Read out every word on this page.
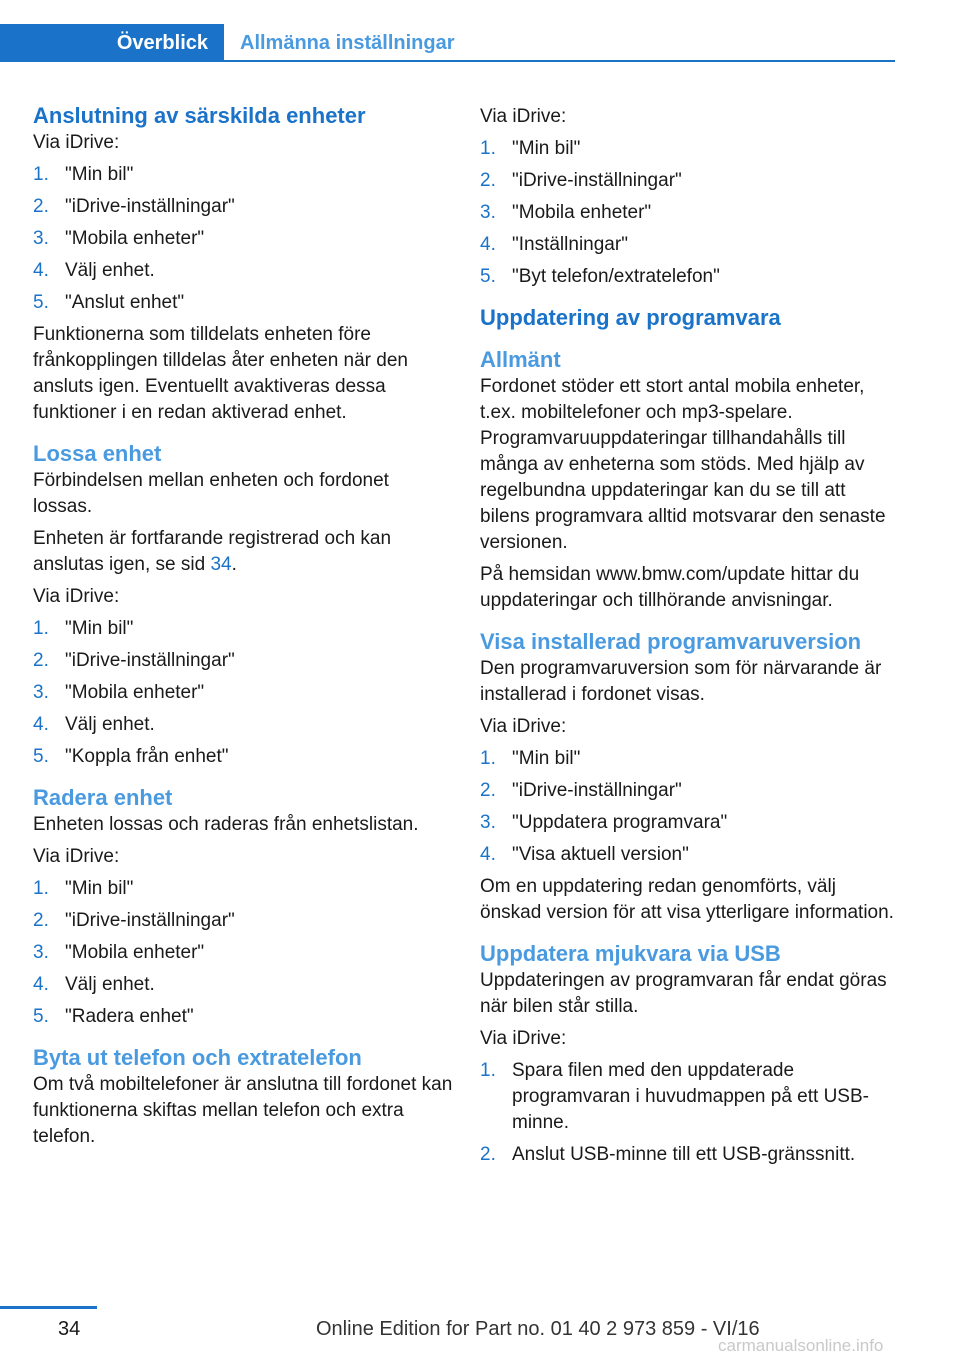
Överblick	Allmänna inställningar
Anslutning av särskilda enheter

Via iDrive:

1. "Min bil"
2. "iDrive-inställningar"
3. "Mobila enheter"
4. Välj enhet.
5. "Anslut enhet"

Funktionerna som tilldelats enheten före frånkopplingen tilldelas åter enheten när den ansluts igen. Eventuellt avaktiveras dessa funktioner i en redan aktiverad enhet.

Lossa enhet

Förbindelsen mellan enheten och fordonet lossas.

Enheten är fortfarande registrerad och kan anslutas igen, se sid 34.

Via iDrive:

1. "Min bil"
2. "iDrive-inställningar"
3. "Mobila enheter"
4. Välj enhet.
5. "Koppla från enhet"
Radera enhet

Enheten lossas och raderas från enhetslistan.

Via iDrive:

1. "Min bil"
2. "iDrive-inställningar"
3. "Mobila enheter"
4. Välj enhet.
5. "Radera enhet"
Byta ut telefon och extratelefon

Om två mobiltelefoner är anslutna till fordonet kan funktionerna skiftas mellan telefon och extra telefon.

Via iDrive:

1. "Min bil"
2. "iDrive-inställningar"
3. "Mobila enheter"
4. "Inställningar"
5. "Byt telefon/extratelefon"
Uppdatering av programvara
Allmänt

Fordonet stöder ett stort antal mobila enheter, t.ex. mobiltelefoner och mp3-spelare. Programvaruuppdateringar tillhandahålls till många av enheterna som stöds. Med hjälp av regelbundna uppdateringar kan du se till att bilens programvara alltid motsvarar den senaste versionen.

På hemsidan www.bmw.com/update hittar du uppdateringar och tillhörande anvisningar.

Visa installerad programvaruversion

Den programvaruversion som för närvarande är installerad i fordonet visas.

Via iDrive:

1. "Min bil"
2. "iDrive-inställningar"
3. "Uppdatera programvara"
4. "Visa aktuell version"

Om en uppdatering redan genomförts, välj önskad version för att visa ytterligare information.

Uppdatera mjukvara via USB

Uppdateringen av programvaran får endat göras när bilen står stilla.

Via iDrive:

1. Spara filen med den uppdaterade programvaran i huvudmappen på ett USB-minne.
2. Anslut USB-minne till ett USB-gränssnitt.
34	Online Edition for Part no. 01 40 2 973 859 - VI/16
carmanualsonline.info
